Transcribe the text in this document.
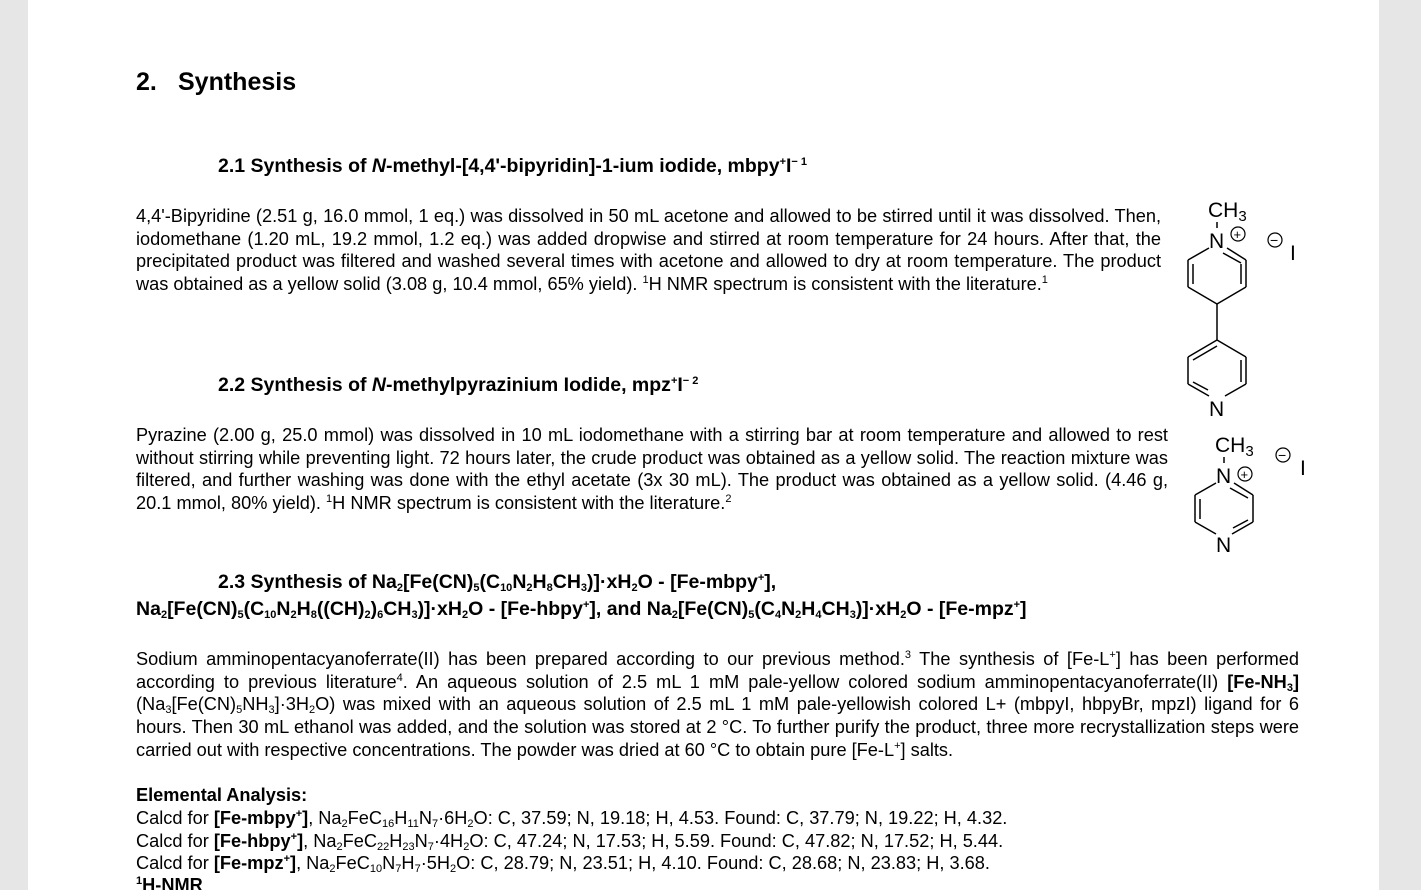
2. Synthesis
2.1 Synthesis of N-methyl-[4,4'-bipyridin]-1-ium iodide, $mbpy^+I^{- 1}$

4,4'-Bipyridine (2.51 g, 16.0 mmol, 1 eq.) was dissolved in 50 mL acetone and allowed to be stirred until it was dissolved. Then, iodomethane (1.20 mL, 19.2 mmol, 1.2 eq.) was added dropwise and stirred at room temperature for 24 hours. After that, the precipitated product was filtered and washed several times with acetone and allowed to dry at room temperature. The product was obtained as a yellow solid (3.08 g, 10.4 mmol, 65% yield). $^1$H NMR spectrum is consistent with the literature.$^1$

2.2 Synthesis of N-methylpyrazinium Iodide, $mpz^+I^{- 2}$

Pyrazine (2.00 g, 25.0 mmol) was dissolved in 10 mL iodomethane with a stirring bar at room temperature and allowed to rest without stirring while preventing light. 72 hours later, the crude product was obtained as a yellow solid. The reaction mixture was filtered, and further washing was done with the ethyl acetate (3x 30 mL). The product was obtained as a yellow solid. (4.46 g, 20.1 mmol, 80% yield). $^1$H NMR spectrum is consistent with the literature.$^2$

2.3 Synthesis of $Na_2[Fe(CN)_5(C_{10}N_2H_8CH_3)]\cdot xH_2O$ - [Fe-mbpy+],
$Na_2[Fe(CN)_5(C_{10}N_2H_8((CH)_2)_6CH_3)]\cdot xH_2O$ - [Fe-hbpy+], and $Na_2[Fe(CN)_5(C_4N_2H_4CH_3)]\cdot xH_2O - [Fe-mpz^+]$

Sodium amminopentacyanoferrate(II) has been prepared according to our previous method.$^3$ The synthesis of [Fe-L+] has been performed according to previous literature$^4$. An aqueous solution of 2.5 mL 1 mM pale-yellow colored sodium amminopentacyanoferrate(II) $[Fe-NH_3]$ $(Na_3[Fe(CN)_5NH_3]\cdot 3H_2O)$ was mixed with an aqueous solution of 2.5 mL 1 mM pale-yellowish colored L+ (mbpyI, hbpyBr, mpzI) ligand for 6 hours. Then 30 mL ethanol was added, and the solution was stored at 2 °C. To further purify the product, three more recrystallization steps were carried out with respective concentrations. The powder was dried at 60 °C to obtain pure [Fe-L+] salts.

Elemental Analysis:
Calcd for [Fe-mbpy+], $Na_2FeC_{16}H_{11}N_7\cdot 6H_2O$: C, 37.59; N, 19.18; H, 4.53. Found: C, 37.79; N, 19.22; H, 4.32.
Calcd for [Fe-hbpy+], $Na_2FeC_{22}H_{23}N_7\cdot 4H_2O$: C, 47.24; N, 17.53; H, 5.59. Found: C, 47.82; N, 17.52; H, 5.44.
Calcd for [Fe-mpz+], $Na_2FeC_{10}N_7H_7\cdot 5H_2O$: C, 28.79; N, 23.51; H, 4.10. Found: C, 28.68; N, 23.83; H, 3.68.
$^1$H-NMR
CH3
N + −
I
N
CH3
N +
−
I
N
